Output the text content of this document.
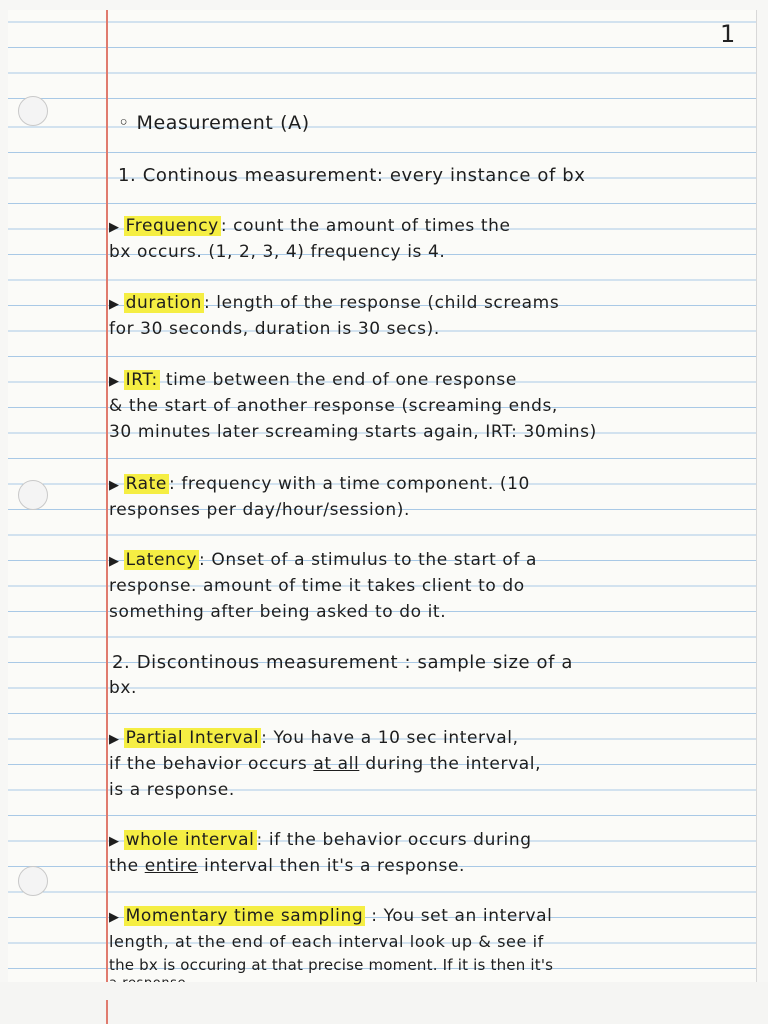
1
◦ Measurement (A)
1. Continous measurement: every instance of bx
▶ Frequency : count the amount of times the
bx occurs. (1, 2, 3, 4) frequency is 4.
▶ duration : length of the response (child screams
for 30 seconds, duration is 30 secs).
▶ IRT: time between the end of one response
& the start of another response (screaming ends,
30 minutes later screaming starts again, IRT: 30mins)
▶ Rate : frequency with a time component. (10
responses per day/hour/session).
▶ Latency : Onset of a stimulus to the start of a
response. amount of time it takes client to do
something after being asked to do it.
2. Discontinous measurement : sample size of a
bx.
▶ Partial Interval : You have a 10 sec interval,
if the behavior occurs at all during the interval,
is a response.
▶ whole interval : if the behavior occurs during
the entire interval then it's a response.
▶ Momentary time sampling : You set an interval
length, at the end of each interval look up & see if
the bx is occuring at that precise moment. If it is then it's
